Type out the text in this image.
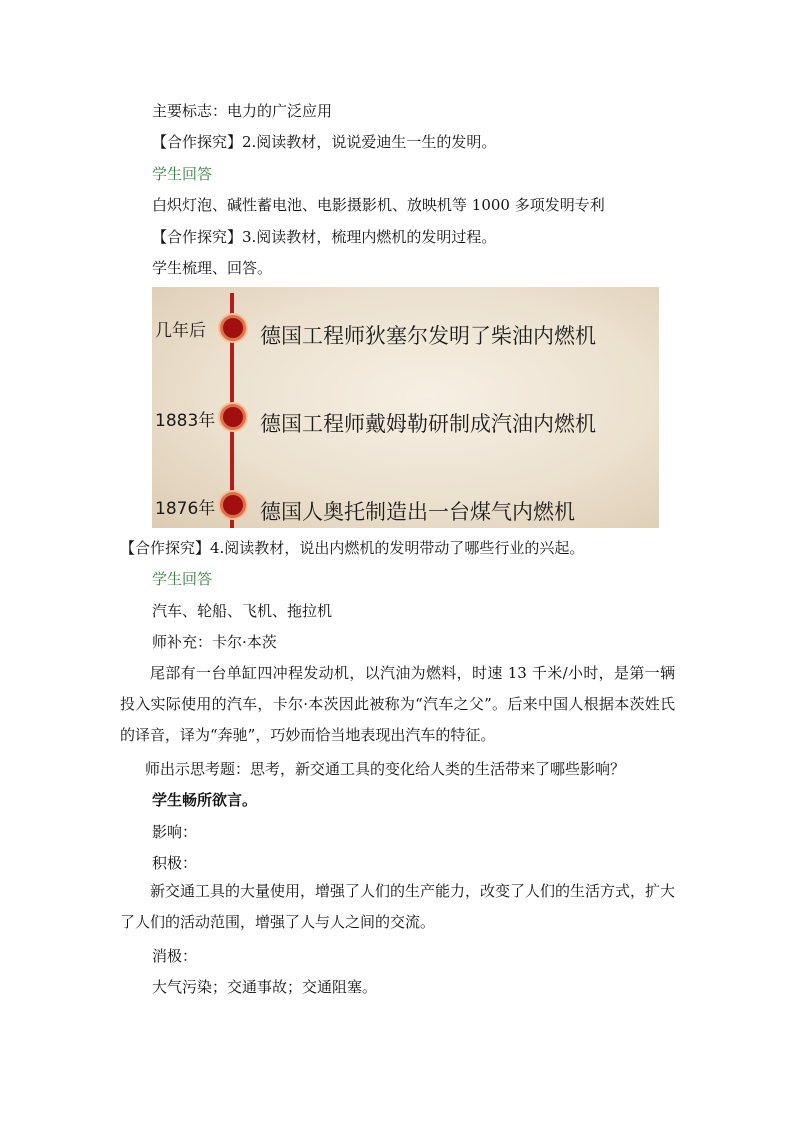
主要标志：电力的广泛应用
【合作探究】2.阅读教材，说说爱迪生一生的发明。
学生回答
白炽灯泡、碱性蓄电池、电影摄影机、放映机等 1000 多项发明专利
【合作探究】3.阅读教材，梳理内燃机的发明过程。
学生梳理、回答。
几年后	德国工程师狄塞尔发明了柴油内燃机
1883年 德国工程师戴姆勒研制成汽油内燃机
1876年 德国人奥托制造出一台煤气内燃机
【合作探究】4.阅读教材，说出内燃机的发明带动了哪些行业的兴起。
学生回答
汽车、轮船、飞机、拖拉机
师补充：卡尔·本茨
尾部有一台单缸四冲程发动机，以汽油为燃料，时速 13 千米/小时，是第一辆投入实际使用的汽车，卡尔·本茨因此被称为“汽车之父”。后来中国人根据本茨姓氏的译音，译为“奔驰”，巧妙而恰当地表现出汽车的特征。
师出示思考题：思考，新交通工具的变化给人类的生活带来了哪些影响？
学生畅所欲言。
影响：
积极：
新交通工具的大量使用，增强了人们的生产能力，改变了人们的生活方式，扩大了人们的活动范围，增强了人与人之间的交流。
消极：
大气污染；交通事故；交通阻塞。
